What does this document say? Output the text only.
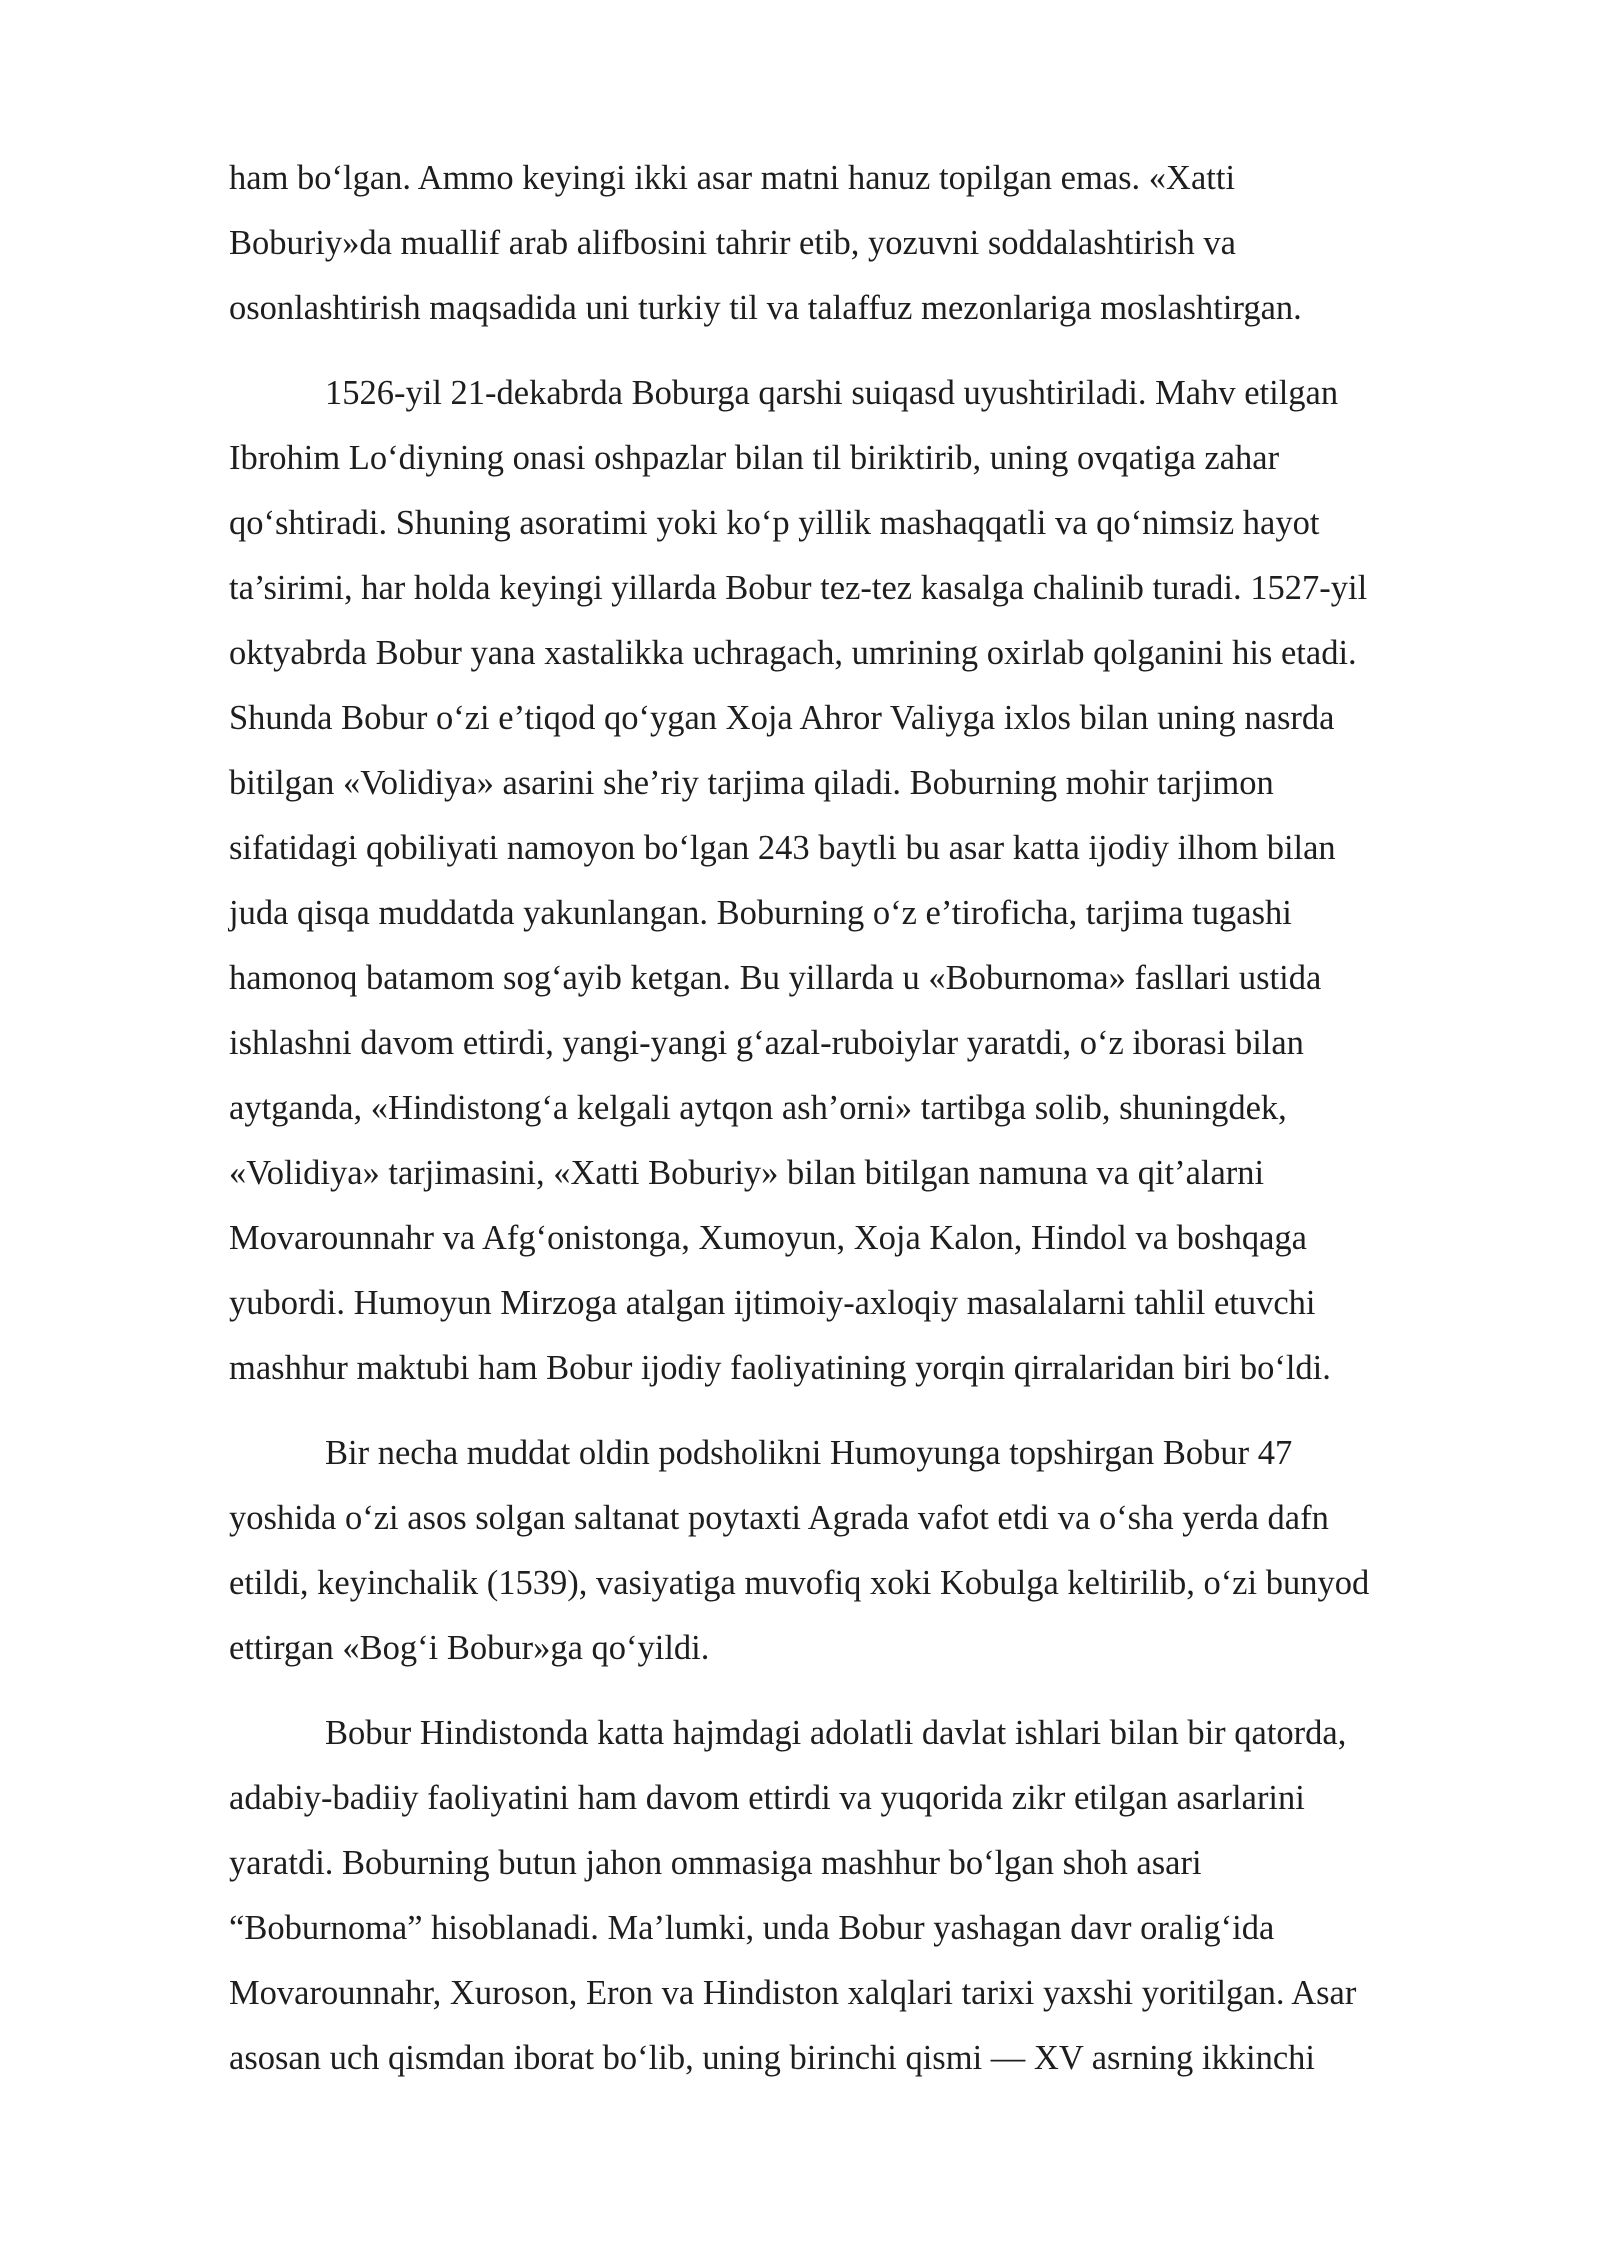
ham bo‘lgan. Ammo keyingi ikki asar matni hanuz topilgan emas. «Xatti
Boburiy»da muallif arab alifbosini tahrir etib, yozuvni soddalashtirish va
osonlashtirish maqsadida uni turkiy til va talaffuz mezonlariga moslashtirgan.

1526-yil 21-dekabrda Boburga qarshi suiqasd uyushtiriladi. Mahv etilgan
Ibrohim Lo‘diyning onasi oshpazlar bilan til biriktirib, uning ovqatiga zahar
qo‘shtiradi. Shuning asoratimi yoki ko‘p yillik mashaqqatli va qo‘nimsiz hayot
ta’sirimi, har holda keyingi yillarda Bobur tez-tez kasalga chalinib turadi. 1527-yil
oktyabrda Bobur yana xastalikka uchragach, umrining oxirlab qolganini his etadi.
Shunda Bobur o‘zi e’tiqod qo‘ygan Xoja Ahror Valiyga ixlos bilan uning nasrda
bitilgan «Volidiya» asarini she’riy tarjima qiladi. Boburning mohir tarjimon
sifatidagi qobiliyati namoyon bo‘lgan 243 baytli bu asar katta ijodiy ilhom bilan
juda qisqa muddatda yakunlangan. Boburning o‘z e’tiroficha, tarjima tugashi
hamonoq batamom sog‘ayib ketgan. Bu yillarda u «Boburnoma» fasllari ustida
ishlashni davom ettirdi, yangi-yangi g‘azal-ruboiylar yaratdi, o‘z iborasi bilan
aytganda, «Hindistong‘a kelgali aytqon ash’orni» tartibga solib, shuningdek,
«Volidiya» tarjimasini, «Xatti Boburiy» bilan bitilgan namuna va qit’alarni
Movarounnahr va Afg‘onistonga, Xumoyun, Xoja Kalon, Hindol va boshqaga
yubordi. Humoyun Mirzoga atalgan ijtimoiy-axloqiy masalalarni tahlil etuvchi
mashhur maktubi ham Bobur ijodiy faoliyatining yorqin qirralaridan biri bo‘ldi.

Bir necha muddat oldin podsholikni Humoyunga topshirgan Bobur 47
yoshida o‘zi asos solgan saltanat poytaxti Agrada vafot etdi va o‘sha yerda dafn
etildi, keyinchalik (1539), vasiyatiga muvofiq xoki Kobulga keltirilib, o‘zi bunyod
ettirgan «Bog‘i Bobur»ga qo‘yildi.

Bobur Hindistonda katta hajmdagi adolatli davlat ishlari bilan bir qatorda,
adabiy-badiiy faoliyatini ham davom ettirdi va yuqorida zikr etilgan asarlarini
yaratdi. Boburning butun jahon ommasiga mashhur bo‘lgan shoh asari
“Boburnoma” hisoblanadi. Ma’lumki, unda Bobur yashagan davr oralig‘ida
Movarounnahr, Xuroson, Eron va Hindiston xalqlari tarixi yaxshi yoritilgan. Asar
asosan uch qismdan iborat bo‘lib, uning birinchi qismi — XV asrning ikkinchi
